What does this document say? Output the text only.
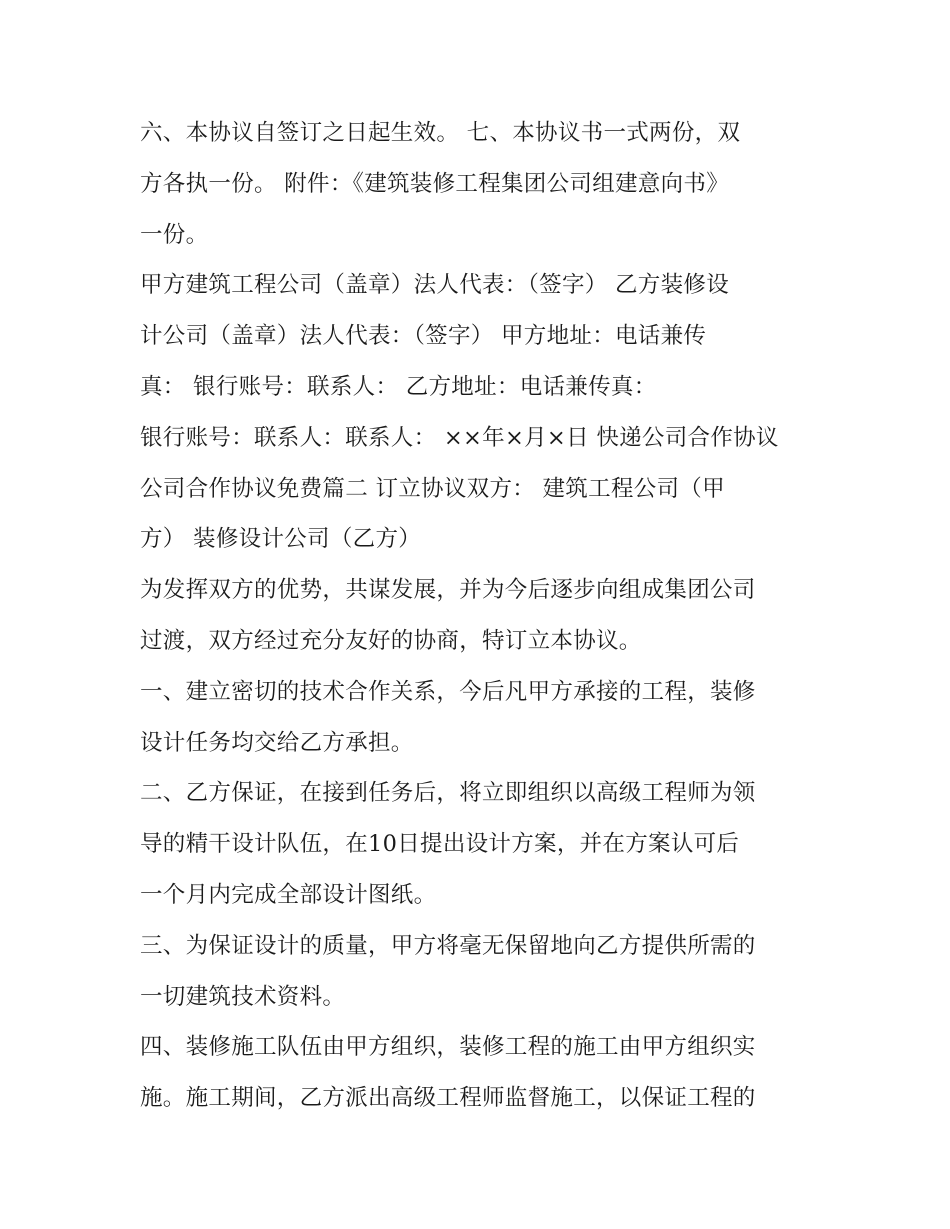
六、本协议自签订之日起生效。 七、本协议书一式两份，双
方各执一份。 附件：《建筑装修工程集团公司组建意向书》
一份。
甲方建筑工程公司（盖章）法人代表：（签字） 乙方装修设
计公司（盖章）法人代表：（签字） 甲方地址：电话兼传
真： 银行账号：联系人： 乙方地址：电话兼传真：
银行账号：联系人：联系人： ××年×月×日 快递公司合作协议
公司合作协议免费篇二 订立协议双方： 建筑工程公司（甲
方） 装修设计公司（乙方）
为发挥双方的优势，共谋发展，并为今后逐步向组成集团公司
过渡，双方经过充分友好的协商，特订立本协议。
一、建立密切的技术合作关系，今后凡甲方承接的工程，装修
设计任务均交给乙方承担。
二、乙方保证，在接到任务后，将立即组织以高级工程师为领
导的精干设计队伍，在10日提出设计方案，并在方案认可后
一个月内完成全部设计图纸。
三、为保证设计的质量，甲方将毫无保留地向乙方提供所需的
一切建筑技术资料。
四、装修施工队伍由甲方组织，装修工程的施工由甲方组织实
施。施工期间，乙方派出高级工程师监督施工，以保证工程的
